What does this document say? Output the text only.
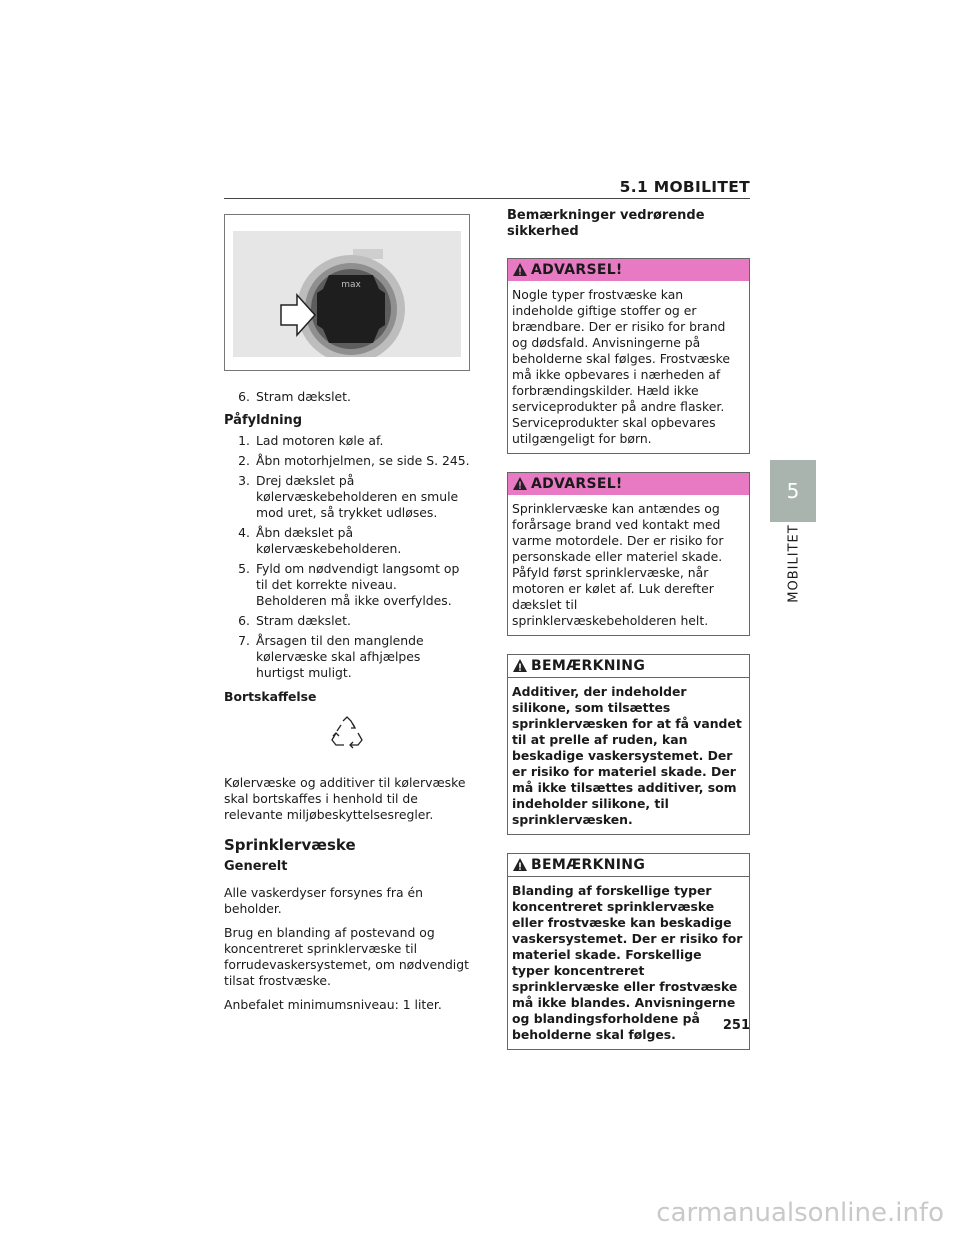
5.1 MOBILITET
5
MOBILITET
max
6. Stram dækslet.
Påfyldning
1. Lad motoren køle af.
2. Åbn motorhjelmen, se side S. 245.
3. Drej dækslet på kølervæskebeholderen en smule mod uret, så trykket udløses.
4. Åbn dækslet på kølervæskebeholderen.
5. Fyld om nødvendigt langsomt op til det korrekte niveau. Beholderen må ikke overfyldes.
6. Stram dækslet.
7. Årsagen til den manglende kølervæske skal afhjælpes hurtigst muligt.
Bortskaffelse

Kølervæske og additiver til kølervæske skal bortskaffes i henhold til de relevante miljøbeskyttelsesregler.

Sprinklervæske
Generelt

Alle vaskerdyser forsynes fra én beholder.

Brug en blanding af postevand og koncentreret sprinklervæske til forrudevaskersystemet, om nødvendigt tilsat frostvæske.

Anbefalet minimumsniveau: 1 liter.

Bemærkninger vedrørende sikkerhed
ADVARSEL!
Nogle typer frostvæske kan indeholde giftige stoffer og er brændbare. Der er risiko for brand og dødsfald. Anvisningerne på beholderne skal følges. Frostvæske må ikke opbevares i nærheden af forbrændingskilder. Hæld ikke serviceprodukter på andre flasker. Serviceprodukter skal opbevares utilgængeligt for børn.
ADVARSEL!
Sprinklervæske kan antændes og forårsage brand ved kontakt med varme motordele. Der er risiko for personskade eller materiel skade. Påfyld først sprinklervæske, når motoren er kølet af. Luk derefter dækslet til sprinklervæskebeholderen helt.
BEMÆRKNING
Additiver, der indeholder silikone, som tilsættes sprinklervæsken for at få vandet til at prelle af ruden, kan beskadige vaskersystemet. Der er risiko for materiel skade. Der må ikke tilsættes additiver, som indeholder silikone, til sprinklervæsken.
BEMÆRKNING
Blanding af forskellige typer koncentreret sprinklervæske eller frostvæske kan beskadige vaskersystemet. Der er risiko for materiel skade. Forskellige typer koncentreret sprinklervæske eller frostvæske må ikke blandes. Anvisningerne og blandingsforholdene på beholderne skal følges.
251
carmanualsonline.info
